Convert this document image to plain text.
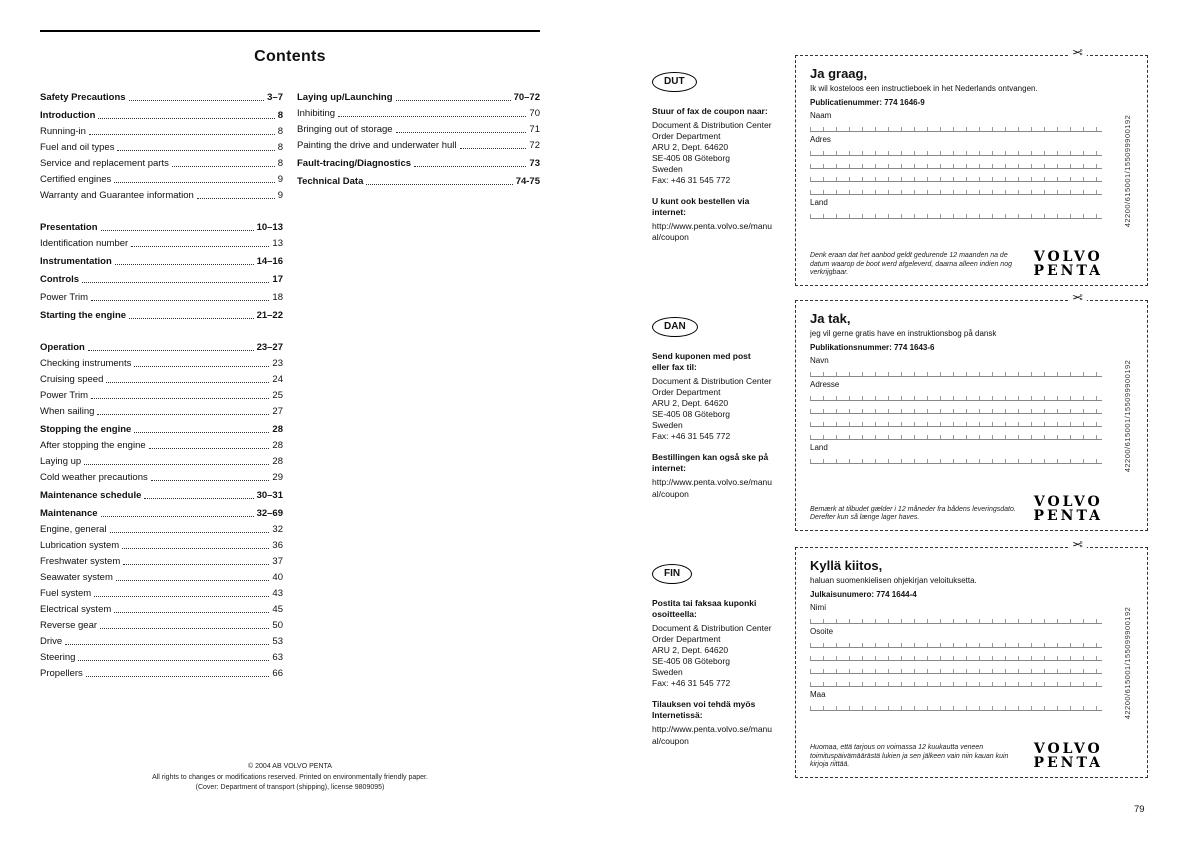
Contents
Safety Precautions	3–7
Introduction	8
Running-in	8
Fuel and oil types	8
Service and replacement parts	8
Certified engines	9
Warranty and Guarantee information	9
Presentation	10–13
Identification number	13
Instrumentation	14–16
Controls	17
Power Trim	18
Starting the engine	21–22
Operation	23–27
Checking instruments	23
Cruising speed	24
Power Trim	25
When sailing	27
Stopping the engine	28
After stopping the engine	28
Laying up	28
Cold weather precautions	29
Maintenance schedule	30–31
Maintenance	32–69
Engine, general	32
Lubrication system	36
Freshwater system	37
Seawater system	40
Fuel system	43
Electrical system	45
Reverse gear	50
Drive	53
Steering	63
Propellers	66
Laying up/Launching	70–72
Inhibiting	70
Bringing out of storage	71
Painting the drive and underwater hull	72
Fault-tracing/Diagnostics	73
Technical Data	74-75
© 2004 AB VOLVO PENTA
All rights to changes or modifications reserved. Printed on environmentally friendly paper.
(Cover: Department of transport (shipping), license 9809095)
DUT
Stuur of fax de coupon naar:
Document & Distribution Center
Order Department
ARU 2, Dept. 64620
SE-405 08 Göteborg
Sweden
Fax: +46 31 545 772
U kunt ook bestellen via internet:
http://www.penta.volvo.se/manual/coupon
✂
Ja graag,
Ik wil kosteloos een instructieboek in het Nederlands ontvangen.
Publicatienummer: 774 1646-9
Naam
Adres
Land
Denk eraan dat het aanbod geldt gedurende 12 maanden na de datum waarop de boot werd afgeleverd, daarna alleen indien nog verkrijgbaar.
VOLVO
PENTA
42200/615001/155099900192
DAN
Send kuponen med post eller fax til:
Document & Distribution Center
Order Department
ARU 2, Dept. 64620
SE-405 08 Göteborg
Sweden
Fax: +46 31 545 772
Bestillingen kan også ske på internet:
http://www.penta.volvo.se/manual/coupon
✂
Ja tak,
jeg vil gerne gratis have en instruktionsbog på dansk
Publikationsnummer: 774 1643-6
Navn
Adresse
Land
Bemærk at tilbudet gælder i 12 måneder fra bådens leveringsdato. Derefter kun så længe lager haves.
VOLVO
PENTA
42200/615001/155099900192
FIN
Postita tai faksaa kuponki osoitteella:
Document & Distribution Center
Order Department
ARU 2, Dept. 64620
SE-405 08 Göteborg
Sweden
Fax: +46 31 545 772
Tilauksen voi tehdä myös Internetissä:
http://www.penta.volvo.se/manual/coupon
✂
Kyllä kiitos,
haluan suomenkielisen ohjekirjan veloituksetta.
Julkaisunumero: 774 1644-4
Nimi
Osoite
Maa
Huomaa, että tarjous on voimassa 12 kuukautta veneen toimituspäivämäärästä lukien ja sen jälkeen vain niin kauan kuin kirjoja riittää.
VOLVO
PENTA
42200/615001/155099900192
79
